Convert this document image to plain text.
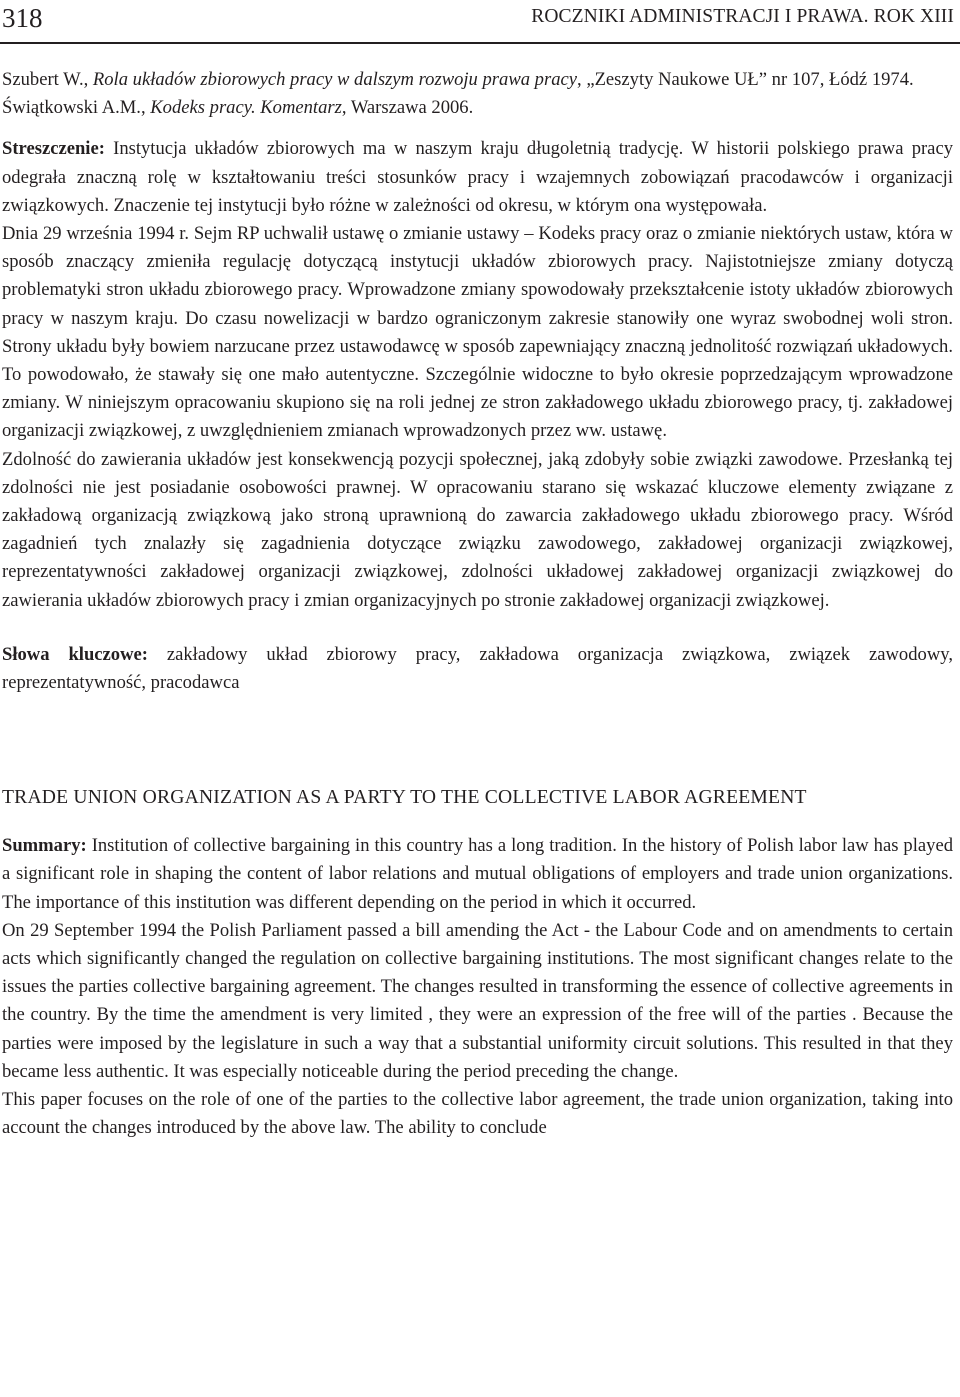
318	ROCZNIKI ADMINISTRACJI I PRAWA. ROK XIII

Szubert W., Rola układów zbiorowych pracy w dalszym rozwoju prawa pracy, „Zeszyty Naukowe UŁ” nr 107, Łódź 1974.

Świątkowski A.M., Kodeks pracy. Komentarz, Warszawa 2006.

Streszczenie: Instytucja układów zbiorowych ma w naszym kraju długoletnią tradycję. W historii polskiego prawa pracy odegrała znaczną rolę w kształtowaniu treści stosunków pracy i wzajemnych zobowiązań pracodawców i organizacji związkowych. Znaczenie tej instytucji było różne w zależności od okresu, w którym ona występowała.

Dnia 29 września 1994 r. Sejm RP uchwalił ustawę o zmianie ustawy – Kodeks pracy oraz o zmianie niektórych ustaw, która w sposób znaczący zmieniła regulację dotyczącą instytucji układów zbiorowych pracy. Najistotniejsze zmiany dotyczą problematyki stron układu zbiorowego pracy. Wprowadzone zmiany spowodowały przekształcenie istoty układów zbiorowych pracy w naszym kraju. Do czasu nowelizacji w bardzo ograniczonym zakresie stanowiły one wyraz swobodnej woli stron. Strony układu były bowiem narzucane przez ustawodawcę w sposób zapewniający znaczną jednolitość rozwiązań układowych. To powodowało, że stawały się one mało autentyczne. Szczególnie widoczne to było okresie poprzedzającym wprowadzone zmiany. W niniejszym opracowaniu skupiono się na roli jednej ze stron zakładowego układu zbiorowego pracy, tj. zakładowej organizacji związkowej, z uwzględnieniem zmianach wprowadzonych przez ww. ustawę.

Zdolność do zawierania układów jest konsekwencją pozycji społecznej, jaką zdobyły sobie związki zawodowe. Przesłanką tej zdolności nie jest posiadanie osobowości prawnej. W opracowaniu starano się wskazać kluczowe elementy związane z zakładową organizacją związkową jako stroną uprawnioną do zawarcia zakładowego układu zbiorowego pracy. Wśród zagadnień tych znalazły się zagadnienia dotyczące związku zawodowego, zakładowej organizacji związkowej, reprezentatywności zakładowej organizacji związkowej, zdolności układowej zakładowej organizacji związkowej do zawierania układów zbiorowych pracy i zmian organizacyjnych po stronie zakładowej organizacji związkowej.

Słowa kluczowe: zakładowy układ zbiorowy pracy, zakładowa organizacja związkowa, związek zawodowy, reprezentatywność, pracodawca

TRADE UNION ORGANIZATION AS A PARTY TO THE COLLECTIVE LABOR AGREEMENT

Summary: Institution of collective bargaining in this country has a long tradition. In the history of Polish labor law has played a significant role in shaping the content of labor relations and mutual obligations of employers and trade union organizations. The importance of this institution was different depending on the period in which it occurred.

On 29 September 1994 the Polish Parliament passed a bill amending the Act - the Labour Code and on amendments to certain acts which significantly changed the regulation on collective bargaining institutions. The most significant changes relate to the issues the parties collective bargaining agreement. The changes resulted in transforming the essence of collective agreements in the country. By the time the amendment is very limited , they were an expression of the free will of the parties . Because the parties were imposed by the legislature in such a way that a substantial uniformity circuit solutions. This resulted in that they became less authentic. It was especially noticeable during the period preceding the change.

This paper focuses on the role of one of the parties to the collective labor agreement, the trade union organization, taking into account the changes introduced by the above law. The ability to conclude
